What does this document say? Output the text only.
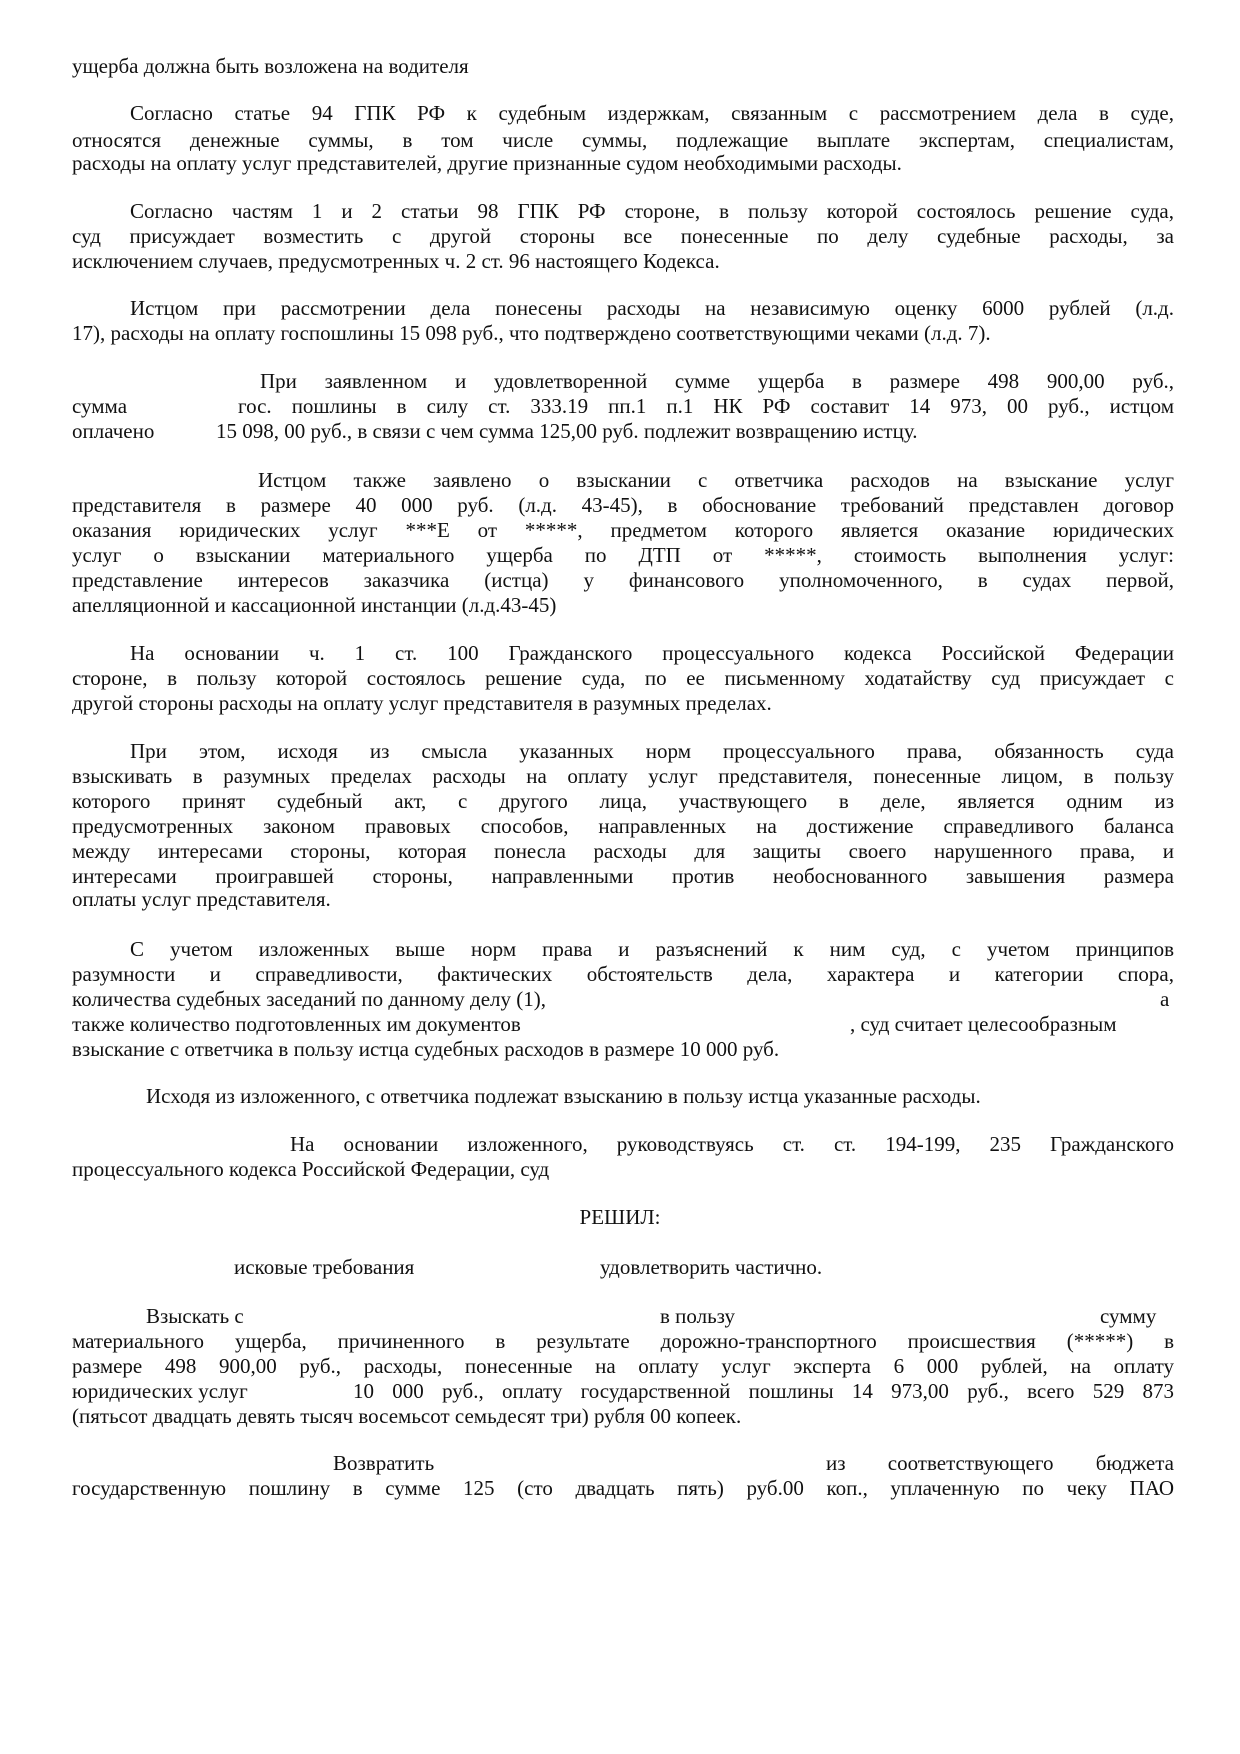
ущерба должна быть возложена на водителя
Согласно статье 94 ГПК РФ к судебным издержкам, связанным с рассмотрением дела в суде,
относятся денежные суммы, в том числе суммы, подлежащие выплате экспертам, специалистам,
расходы на оплату услуг представителей, другие признанные судом необходимыми расходы.
Согласно частям 1 и 2 статьи 98 ГПК РФ стороне, в пользу которой состоялось решение суда,
суд присуждает возместить с другой стороны все понесенные по делу судебные расходы, за
исключением случаев, предусмотренных ч. 2 ст. 96 настоящего Кодекса.
Истцом при рассмотрении дела понесены расходы на независимую оценку 6000 рублей (л.д.
17), расходы на оплату госпошлины 15 098 руб., что подтверждено соответствующими чеками (л.д. 7).
При заявленном и удовлетворенной сумме ущерба в размере 498 900,00 руб.,
сумма	гос. пошлины в силу ст. 333.19 пп.1 п.1 НК РФ составит 14 973, 00 руб., истцом
оплачено	15 098, 00 руб., в связи с чем сумма 125,00 руб. подлежит возвращению истцу.
Истцом также заявлено о взыскании с ответчика расходов на взыскание услуг
представителя в размере 40 000 руб. (л.д. 43-45), в обоснование требований представлен договор
оказания юридических услуг ***Е от *****, предметом которого является оказание юридических
услуг о взыскании материального ущерба по ДТП от *****, стоимость выполнения услуг:
представление интересов заказчика (истца) у финансового уполномоченного, в судах первой,
апелляционной и кассационной инстанции (л.д.43-45)
На основании ч. 1 ст. 100 Гражданского процессуального кодекса Российской Федерации
стороне, в пользу которой состоялось решение суда, по ее письменному ходатайству суд присуждает с
другой стороны расходы на оплату услуг представителя в разумных пределах.
При этом, исходя из смысла указанных норм процессуального права, обязанность суда
взыскивать в разумных пределах расходы на оплату услуг представителя, понесенные лицом, в пользу
которого принят судебный акт, с другого лица, участвующего в деле, является одним из
предусмотренных законом правовых способов, направленных на достижение справедливого баланса
между интересами стороны, которая понесла расходы для защиты своего нарушенного права, и
интересами проигравшей стороны, направленными против необоснованного завышения размера
оплаты услуг представителя.
С учетом изложенных выше норм права и разъяснений к ним суд, с учетом принципов
разумности и справедливости, фактических обстоятельств дела, характера и категории спора,
количества судебных заседаний по данному делу (1),	а
также количество подготовленных им документов	, суд считает целесообразным
взыскание с ответчика в пользу истца судебных расходов в размере 10 000 руб.
Исходя из изложенного, с ответчика подлежат взысканию в пользу истца указанные расходы.
На основании изложенного, руководствуясь ст. ст. 194-199, 235 Гражданского
процессуального кодекса Российской Федерации, суд
РЕШИЛ:
исковые требования	удовлетворить частично.
Взыскать с	в пользу	сумму
материального ущерба, причиненного в результате дорожно-транспортного происшествия (*****) в
размере 498 900,00 руб., расходы, понесенные на оплату услуг эксперта 6 000 рублей, на оплату
юридических услуг	10 000 руб., оплату государственной пошлины 14 973,00 руб., всего 529 873
(пятьсот двадцать девять тысяч восемьсот семьдесят три) рубля 00 копеек.
Возвратить	из соответствующего бюджета
государственную пошлину в сумме 125 (сто двадцать пять) руб.00 коп., уплаченную по чеку ПАО
